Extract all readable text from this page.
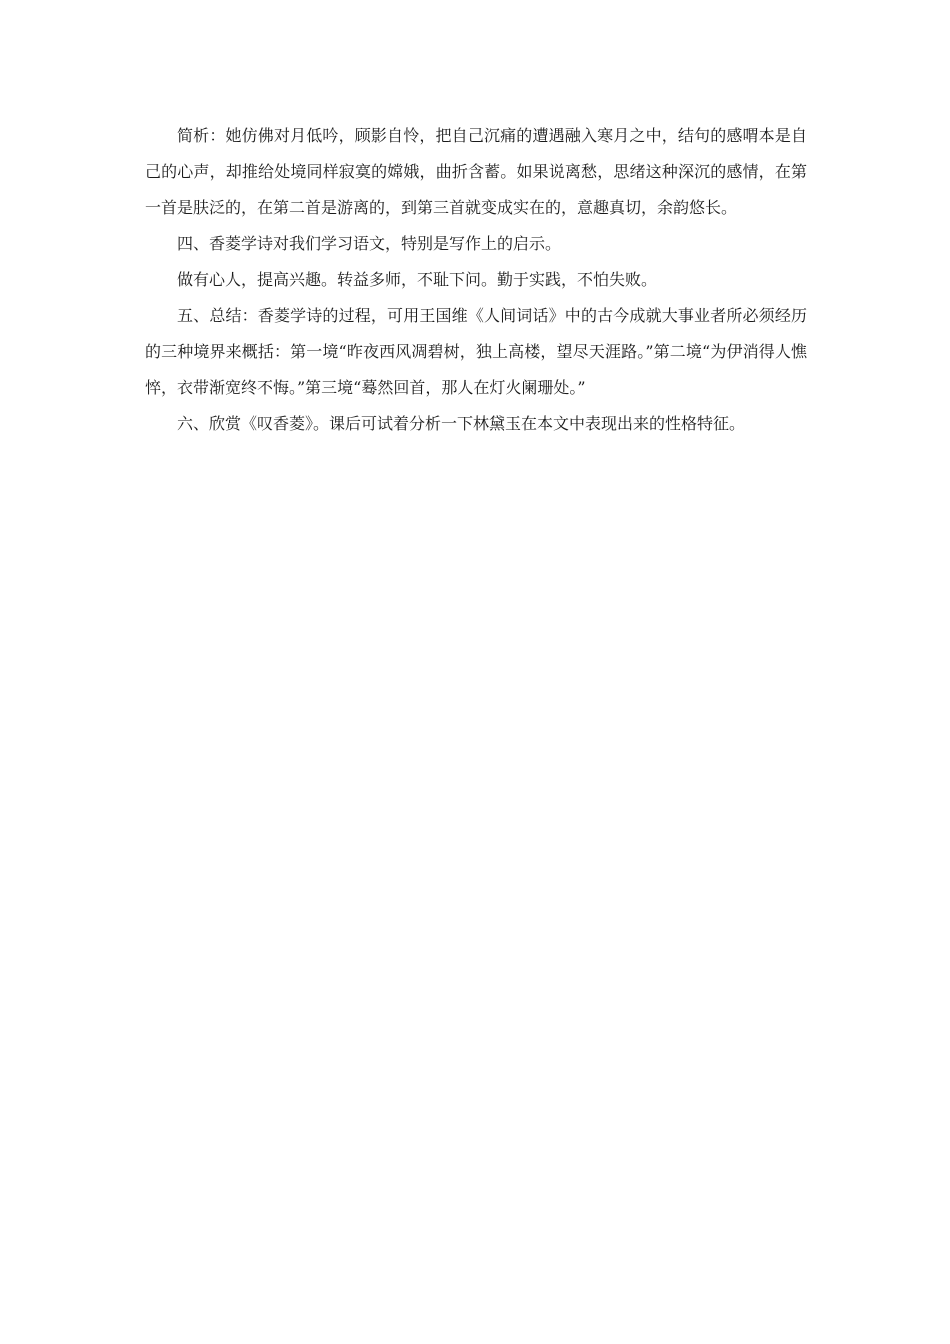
简析：她仿佛对月低吟，顾影自怜，把自己沉痛的遭遇融入寒月之中，结句的感喟本是自己的心声，却推给处境同样寂寞的嫦娥，曲折含蓄。如果说离愁，思绪这种深沉的感情，在第一首是肤泛的，在第二首是游离的，到第三首就变成实在的，意趣真切，余韵悠长。

四、香菱学诗对我们学习语文，特别是写作上的启示。

做有心人，提高兴趣。转益多师，不耻下问。勤于实践，不怕失败。

五、总结：香菱学诗的过程，可用王国维《人间词话》中的古今成就大事业者所必须经历的三种境界来概括：第一境“昨夜西风凋碧树，独上高楼，望尽天涯路。”第二境“为伊消得人憔悴，衣带渐宽终不悔。”第三境“蓦然回首，那人在灯火阑珊处。”

六、欣赏《叹香菱》。课后可试着分析一下林黛玉在本文中表现出来的性格特征。
